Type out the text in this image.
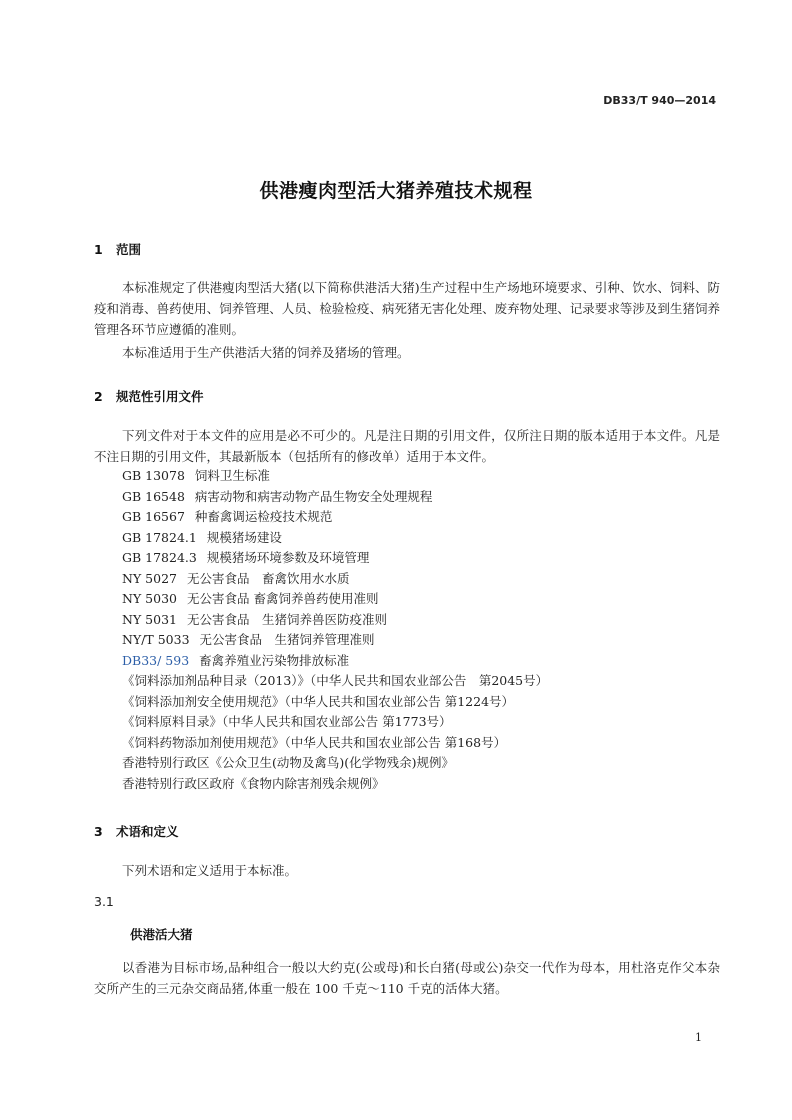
DB33/T 940—2014
供港瘦肉型活大猪养殖技术规程
1 范围
本标准规定了供港瘦肉型活大猪(以下简称供港活大猪)生产过程中生产场地环境要求、引种、饮水、饲料、防疫和消毒、兽药使用、饲养管理、人员、检验检疫、病死猪无害化处理、废弃物处理、记录要求等涉及到生猪饲养管理各环节应遵循的准则。
本标准适用于生产供港活大猪的饲养及猪场的管理。
2 规范性引用文件
下列文件对于本文件的应用是必不可少的。凡是注日期的引用文件，仅所注日期的版本适用于本文件。凡是不注日期的引用文件，其最新版本（包括所有的修改单）适用于本文件。
GB 13078 饲料卫生标准
GB 16548 病害动物和病害动物产品生物安全处理规程
GB 16567 种畜禽调运检疫技术规范
GB 17824.1 规模猪场建设
GB 17824.3 规模猪场环境参数及环境管理
NY 5027 无公害食品　畜禽饮用水水质
NY 5030 无公害食品 畜禽饲养兽药使用准则
NY 5031 无公害食品　生猪饲养兽医防疫准则
NY/T 5033 无公害食品　生猪饲养管理准则
DB33/ 593 畜禽养殖业污染物排放标准
《饲料添加剂品种目录（2013）》（中华人民共和国农业部公告　第2045号）
《饲料添加剂安全使用规范》（中华人民共和国农业部公告 第1224号）
《饲料原料目录》（中华人民共和国农业部公告 第1773号）
《饲料药物添加剂使用规范》（中华人民共和国农业部公告 第168号）
香港特别行政区《公众卫生(动物及禽鸟)(化学物残余)规例》
香港特别行政区政府《食物内除害剂残余规例》
3 术语和定义
下列术语和定义适用于本标准。
3.1
供港活大猪
以香港为目标市场,品种组合一般以大约克(公或母)和长白猪(母或公)杂交一代作为母本，用杜洛克作父本杂交所产生的三元杂交商品猪,体重一般在 100 千克～110 千克的活体大猪。
1
